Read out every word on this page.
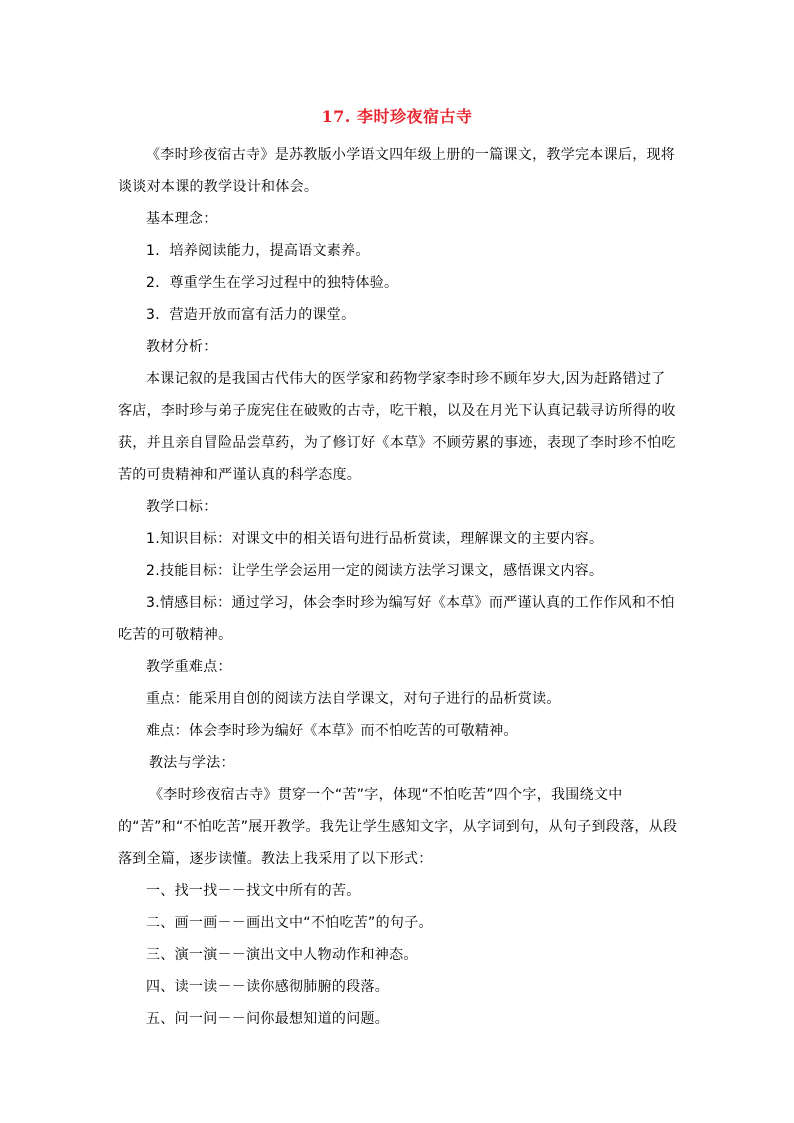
17. 李时珍夜宿古寺

《李时珍夜宿古寺》是苏教版小学语文四年级上册的一篇课文，教学完本课后，现将谈谈对本课的教学设计和体会。

基本理念：

1．培养阅读能力，提高语文素养。

2．尊重学生在学习过程中的独特体验。

3．营造开放而富有活力的课堂。

教材分析：

本课记叙的是我国古代伟大的医学家和药物学家李时珍不顾年岁大,因为赶路错过了客店，李时珍与弟子庞宪住在破败的古寺，吃干粮，以及在月光下认真记载寻访所得的收获，并且亲自冒险品尝草药，为了修订好《本草》不顾劳累的事迹，表现了李时珍不怕吃苦的可贵精神和严谨认真的科学态度。

教学口标：

1.知识目标：对课文中的相关语句进行品析赏读，理解课文的主要内容。

2.技能目标：让学生学会运用一定的阅读方法学习课文，感悟课文内容。

3.情感目标：通过学习，体会李时珍为编写好《本草》而严谨认真的工作作风和不怕吃苦的可敬精神。

教学重难点：

重点：能采用自创的阅读方法自学课文，对句子进行的品析赏读。

难点：体会李时珍为编好《本草》而不怕吃苦的可敬精神。

教法与学法：

《李时珍夜宿古寺》贯穿一个“苦”字，体现“不怕吃苦”四个字，我围绕文中的“苦”和“不怕吃苦”展开教学。我先让学生感知文字，从字词到句，从句子到段落，从段落到全篇，逐步读懂。教法上我采用了以下形式：

一、找一找－－找文中所有的苦。

二、画一画－－画出文中“不怕吃苦”的句子。

三、演一演－－演出文中人物动作和神态。

四、读一读－－读你感彻肺腑的段落。

五、问一问－－问你最想知道的问题。
